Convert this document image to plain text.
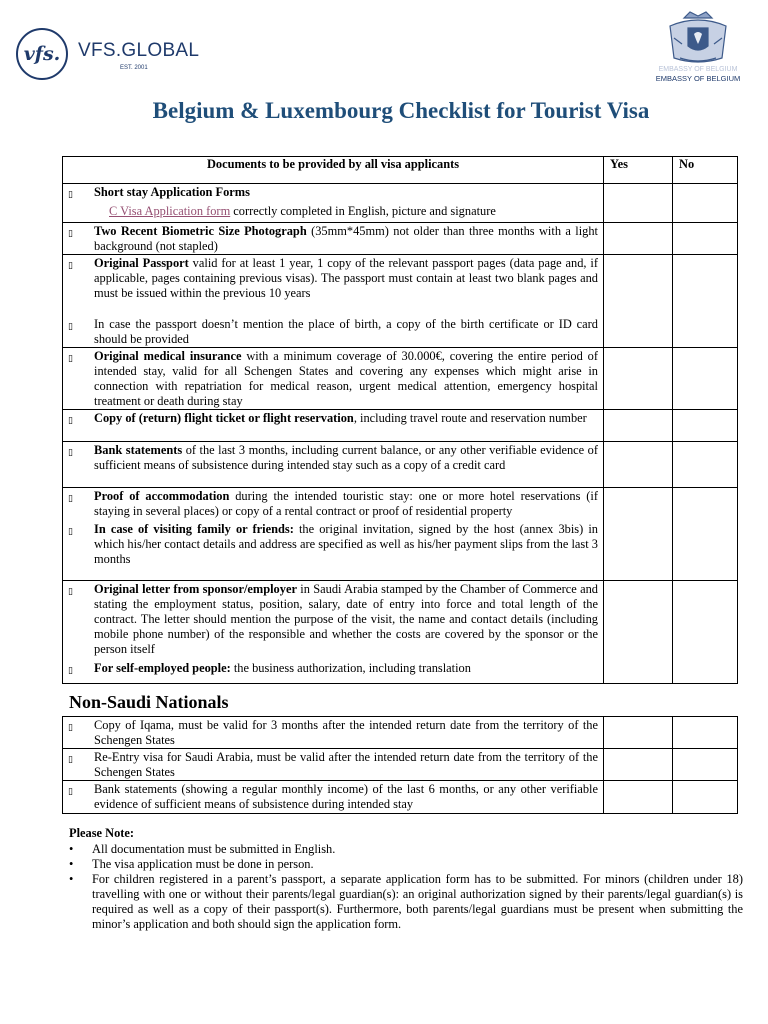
vfs. VFS.GLOBAL
EST. 2001	EMBASSY OF BELGIUM
EMBASSY OF BELGIUM
Belgium & Luxembourg Checklist for Tourist Visa
Documents to be provided by all visa applicants	Yes	No

▯ Short stay Application Forms
C Visa Application form correctly completed in English, picture and signature		

▯ Two Recent Biometric Size Photograph (35mm*45mm) not older than three months with a light background (not stapled)		

▯ Original Passport valid for at least 1 year, 1 copy of the relevant passport pages (data page and, if applicable, pages containing previous visas). The passport must contain at least two blank pages and must be issued within the previous 10 years
▯ In case the passport doesn’t mention the place of birth, a copy of the birth certificate or ID card should be provided		

▯ Original medical insurance with a minimum coverage of 30.000€, covering the entire period of intended stay, valid for all Schengen States and covering any expenses which might arise in connection with repatriation for medical reason, urgent medical attention, emergency hospital treatment or death during stay		

▯ Copy of (return) flight ticket or flight reservation, including travel route and reservation number		

▯ Bank statements of the last 3 months, including current balance, or any other verifiable evidence of sufficient means of subsistence during intended stay such as a copy of a credit card		

▯ Proof of accommodation during the intended touristic stay: one or more hotel reservations (if staying in several places) or copy of a rental contract or proof of residential property
▯ In case of visiting family or friends: the original invitation, signed by the host (annex 3bis) in which his/her contact details and address are specified as well as his/her payment slips from the last 3 months		

▯ Original letter from sponsor/employer in Saudi Arabia stamped by the Chamber of Commerce and stating the employment status, position, salary, date of entry into force and total length of the contract. The letter should mention the purpose of the visit, the name and contact details (including mobile phone number) of the responsible and whether the costs are covered by the sponsor or the person itself
▯ For self-employed people: the business authorization, including translation		

Non-Saudi Nationals
▯ Copy of Iqama, must be valid for 3 months after the intended return date from the territory of the Schengen States		

▯ Re-Entry visa for Saudi Arabia, must be valid after the intended return date from the territory of the Schengen States		

▯ Bank statements (showing a regular monthly income) of the last 6 months, or any other verifiable evidence of sufficient means of subsistence during intended stay		

Please Note:
•	All documentation must be submitted in English.
•	The visa application must be done in person.
•	For children registered in a parent’s passport, a separate application form has to be submitted. For minors (children under 18) travelling with one or without their parents/legal guardian(s): an original authorization signed by their parents/legal guardian(s) is required as well as a copy of their passport(s). Furthermore, both parents/legal guardians must be present when submitting the minor’s application and both should sign the application form.
